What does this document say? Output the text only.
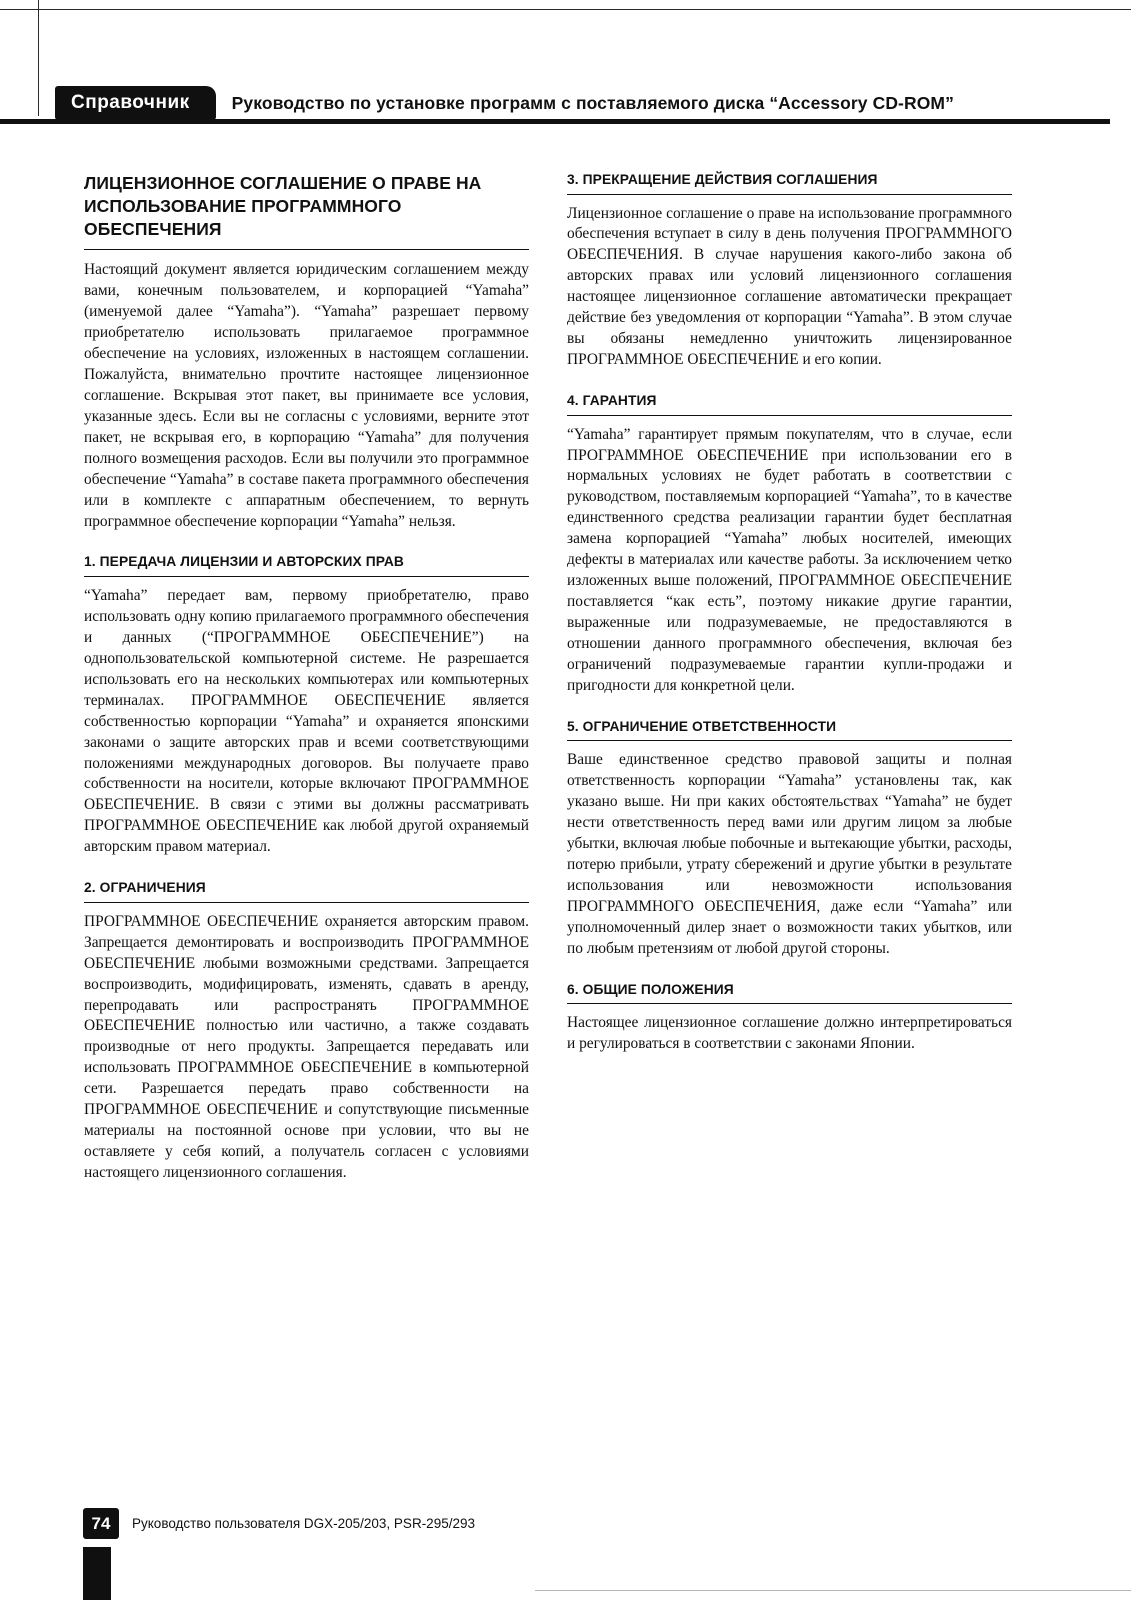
Справочник	Руководство по установке программ с поставляемого диска “Accessory CD-ROM”
ЛИЦЕНЗИОННОЕ СОГЛАШЕНИЕ О ПРАВЕ НА ИСПОЛЬЗОВАНИЕ ПРОГРАММНОГО ОБЕСПЕЧЕНИЯ

Настоящий документ является юридическим соглашением между вами, конечным пользователем, и корпорацией “Yamaha” (именуемой далее “Yamaha”). “Yamaha” разрешает первому приобретателю использовать прилагаемое программное обеспечение на условиях, изложенных в настоящем соглашении. Пожалуйста, внимательно прочтите настоящее лицензионное соглашение. Вскрывая этот пакет, вы принимаете все условия, указанные здесь. Если вы не согласны с условиями, верните этот пакет, не вскрывая его, в корпорацию “Yamaha” для получения полного возмещения расходов. Если вы получили это программное обеспечение “Yamaha” в составе пакета программного обеспечения или в комплекте с аппаратным обеспечением, то вернуть программное обеспечение корпорации “Yamaha” нельзя.

1. ПЕРЕДАЧА ЛИЦЕНЗИИ И АВТОРСКИХ ПРАВ

“Yamaha” передает вам, первому приобретателю, право использовать одну копию прилагаемого программного обеспечения и данных (“ПРОГРАММНОЕ ОБЕСПЕЧЕНИЕ”) на однопользовательской компьютерной системе. Не разрешается использовать его на нескольких компьютерах или компьютерных терминалах. ПРОГРАММНОЕ ОБЕСПЕЧЕНИЕ является собственностью корпорации “Yamaha” и охраняется японскими законами о защите авторских прав и всеми соответствующими положениями международных договоров. Вы получаете право собственности на носители, которые включают ПРОГРАММНОЕ ОБЕСПЕЧЕНИЕ. В связи с этими вы должны рассматривать ПРОГРАММНОЕ ОБЕСПЕЧЕНИЕ как любой другой охраняемый авторским правом материал.

2. ОГРАНИЧЕНИЯ

ПРОГРАММНОЕ ОБЕСПЕЧЕНИЕ охраняется авторским правом. Запрещается демонтировать и воспроизводить ПРОГРАММНОЕ ОБЕСПЕЧЕНИЕ любыми возможными средствами. Запрещается воспроизводить, модифицировать, изменять, сдавать в аренду, перепродавать или распространять ПРОГРАММНОЕ ОБЕСПЕЧЕНИЕ полностью или частично, а также создавать производные от него продукты. Запрещается передавать или использовать ПРОГРАММНОЕ ОБЕСПЕЧЕНИЕ в компьютерной сети. Разрешается передать право собственности на ПРОГРАММНОЕ ОБЕСПЕЧЕНИЕ и сопутствующие письменные материалы на постоянной основе при условии, что вы не оставляете у себя копий, а получатель согласен с условиями настоящего лицензионного соглашения.

3. ПРЕКРАЩЕНИЕ ДЕЙСТВИЯ СОГЛАШЕНИЯ

Лицензионное соглашение о праве на использование программного обеспечения вступает в силу в день получения ПРОГРАММНОГО ОБЕСПЕЧЕНИЯ. В случае нарушения какого-либо закона об авторских правах или условий лицензионного соглашения настоящее лицензионное соглашение автоматически прекращает действие без уведомления от корпорации “Yamaha”. В этом случае вы обязаны немедленно уничтожить лицензированное ПРОГРАММНОЕ ОБЕСПЕЧЕНИЕ и его копии.

4. ГАРАНТИЯ

“Yamaha” гарантирует прямым покупателям, что в случае, если ПРОГРАММНОЕ ОБЕСПЕЧЕНИЕ при использовании его в нормальных условиях не будет работать в соответствии с руководством, поставляемым корпорацией “Yamaha”, то в качестве единственного средства реализации гарантии будет бесплатная замена корпорацией “Yamaha” любых носителей, имеющих дефекты в материалах или качестве работы. За исключением четко изложенных выше положений, ПРОГРАММНОЕ ОБЕСПЕЧЕНИЕ поставляется “как есть”, поэтому никакие другие гарантии, выраженные или подразумеваемые, не предоставляются в отношении данного программного обеспечения, включая без ограничений подразумеваемые гарантии купли-продажи и пригодности для конкретной цели.

5. ОГРАНИЧЕНИЕ ОТВЕТСТВЕННОСТИ

Ваше единственное средство правовой защиты и полная ответственность корпорации “Yamaha” установлены так, как указано выше. Ни при каких обстоятельствах “Yamaha” не будет нести ответственность перед вами или другим лицом за любые убытки, включая любые побочные и вытекающие убытки, расходы, потерю прибыли, утрату сбережений и другие убытки в результате использования или невозможности использования ПРОГРАММНОГО ОБЕСПЕЧЕНИЯ, даже если “Yamaha” или уполномоченный дилер знает о возможности таких убытков, или по любым претензиям от любой другой стороны.

6. ОБЩИЕ ПОЛОЖЕНИЯ

Настоящее лицензионное соглашение должно интерпретироваться и регулироваться в соответствии с законами Японии.

74	Руководство пользователя DGX-205/203, PSR-295/293
